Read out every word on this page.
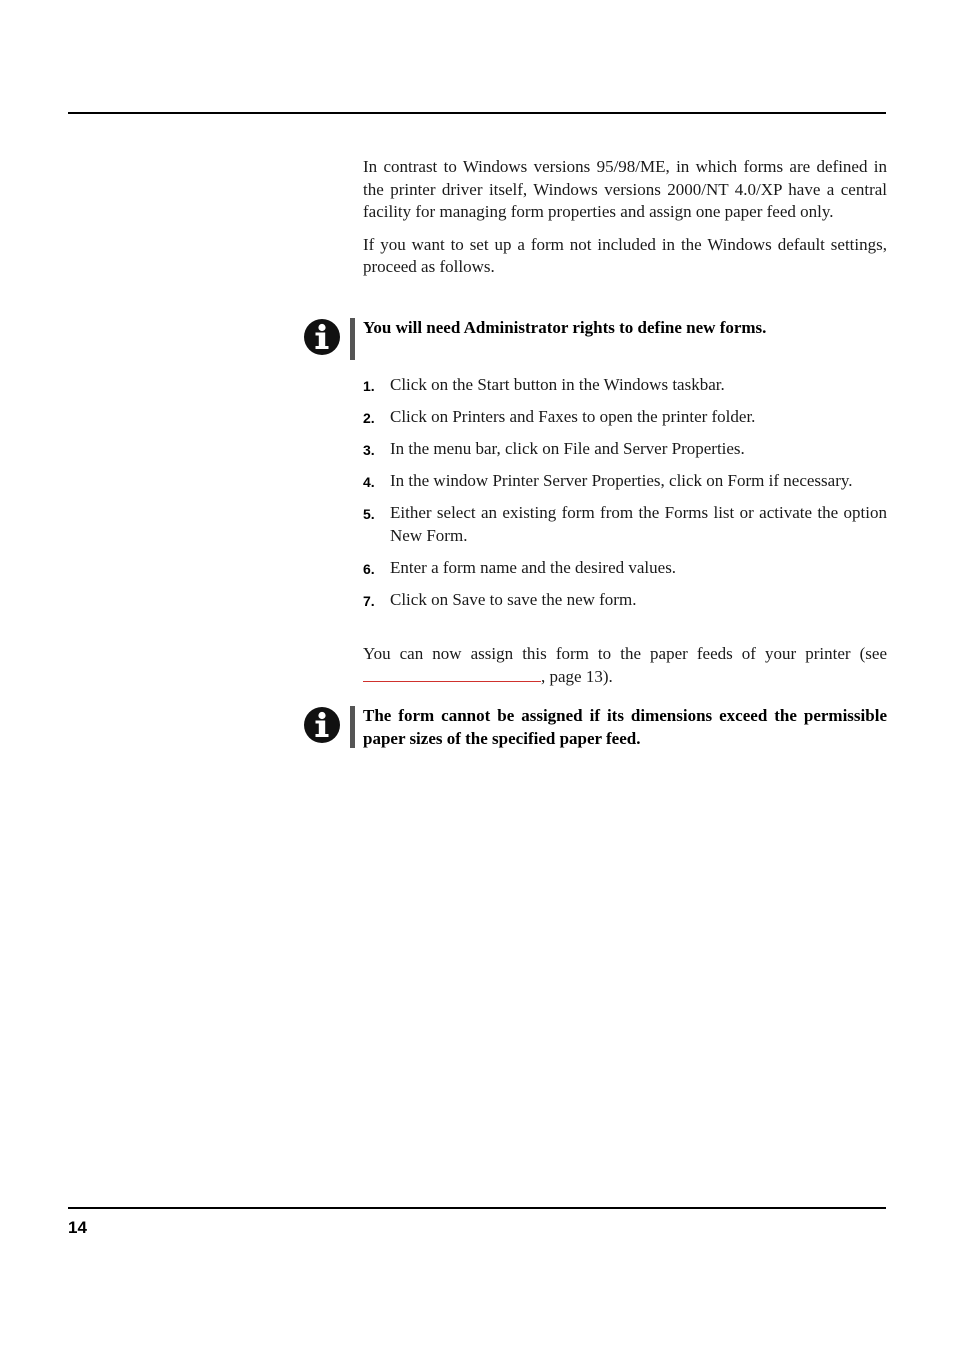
In contrast to Windows versions 95/98/ME, in which forms are defined in the printer driver itself, Windows versions 2000/NT 4.0/XP have a central facility for managing form properties and assign one paper feed only.

If you want to set up a form not included in the Windows default settings, proceed as follows.

You will need Administrator rights to define new forms.
1. Click on the Start button in the Windows taskbar.
2. Click on Printers and Faxes to open the printer folder.
3. In the menu bar, click on File and Server Properties.
4. In the window Printer Server Properties, click on Form if necessary.
5. Either select an existing form from the Forms list or activate the option New Form.
6. Enter a form name and the desired values.
7. Click on Save to save the new form.

You can now assign this form to the paper feeds of your printer (see , page 13).

The form cannot be assigned if its dimensions exceed the permissible paper sizes of the specified paper feed.
14
